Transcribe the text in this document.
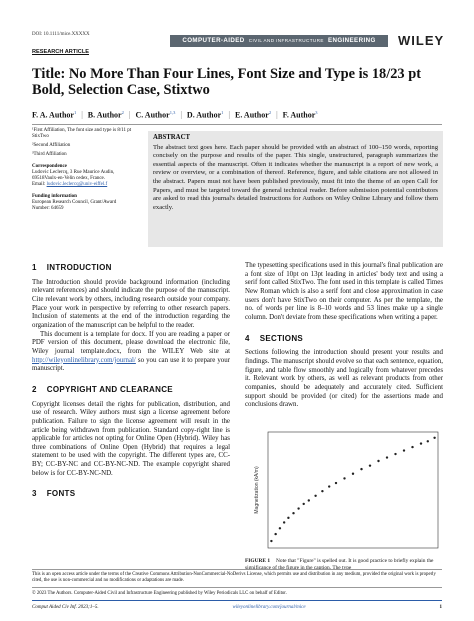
DOI: 10.1111/mice.XXXXX
COMPUTER-AIDED CIVIL AND INFRASTRUCTURE ENGINEERING	WILEY
RESEARCH ARTICLE
Title: No More Than Four Lines, Font Size and Type is 18/23 pt Bold, Selection Case, Stixtwo
F. A. Author$^1$ | B. Author$^2$ | C. Author$^{1,3}$ | D. Author$^1$ | E. Author$^2$ | F. Author$^3$

¹First Affiliation, The font size and type is 8/11 pt StixTwo

²Second Affiliation

³Third Affiliation

Correspondence

Ludovic Leclercq, 3 Rue Maurice Audin, 69518Vaulx-en-Velin cedex, France.

Email: ludovic.leclercq@univ-eiffel.f

Funding information

European Research Council, Grant/Award Number: 64659

ABSTRACT
The abstract text goes here. Each paper should be provided with an abstract of 100–150 words, reporting concisely on the purpose and results of the paper. This single, unstructured, paragraph summarizes the essential aspects of the manuscript. Often it indicates whether the manuscript is a report of new work, a review or overview, or a combination of thereof. Reference, figure, and table citations are not allowed in the abstract. Papers must not have been published previously, must fit into the theme of an open Call for Papers, and must be targeted toward the general technical reader. Before submission potential contributors are asked to read this journal's detailed Instructions for Authors on Wiley Online Library and follow them exactly.
1 INTRODUCTION

The Introduction should provide background information (including relevant references) and should indicate the purpose of the manuscript. Cite relevant work by others, including research outside your company. Place your work in perspective by referring to other research papers. Inclusion of statements at the end of the introduction regarding the organization of the manuscript can be helpful to the reader.

This document is a template for docx. If you are reading a paper or PDF version of this document, please download the electronic file, Wiley journal template.docx, from the WILEY Web site at http://wileyonlinelibrary.com/journal/ so you can use it to prepare your manuscript.

2 COPYRIGHT AND CLEARANCE

Copyright licenses detail the rights for publication, distribution, and use of research. Wiley authors must sign a license agreement before publication. Failure to sign the license agreement will result in the article being withdrawn from publication. Standard copy-right line is applicable for articles not opting for Online Open (Hybrid). Wiley has three combinations of Online Open (Hybrid) that requires a legal statement to be used with the copyright. The different types are, CC-BY; CC-BY-NC and CC-BY-NC-ND. The example copyright shared below is for CC-BY-NC-ND.

3 FONTS

The typesetting specifications used in this journal's final publication are a font size of 10pt on 13pt leading in articles' body text and using a serif font called StixTwo. The font used in this template is called Times New Roman which is also a serif font and close approximation in case users don't have StixTwo on their computer. As per the template, the no. of words per line is 8–10 words and 53 lines make up a single column. Don't deviate from these specifications when writing a paper.

4 SECTIONS

Sections following the introduction should present your results and findings. The manuscript should evolve so that each sentence, equation, figure, and table flow smoothly and logically from whatever precedes it. Relevant work by others, as well as relevant products from other companies, should be adequately and accurately cited. Sufficient support should be provided (or cited) for the assertions made and conclusions drawn.

Magnetization (kA/m)
FIGURE 1 Note that "Figure" is spelled out. It is good practice to briefly explain the significance of the figure in the caption. The type
This is an open access article under the terms of the Creative Commons Attribution-NonCommercial-NoDerivs License, which permits use and distribution in any medium, provided the original work is properly cited, the use is non-commercial and no modifications or adaptations are made.
© 2023 The Authors. Computer-Aided Civil and Infrastructure Engineering published by Wiley Periodicals LLC on behalf of Editor.
Comput Aided Civ Inf. 2023;1–5.	wileyonlinelibrary.com/journal/mice	1
